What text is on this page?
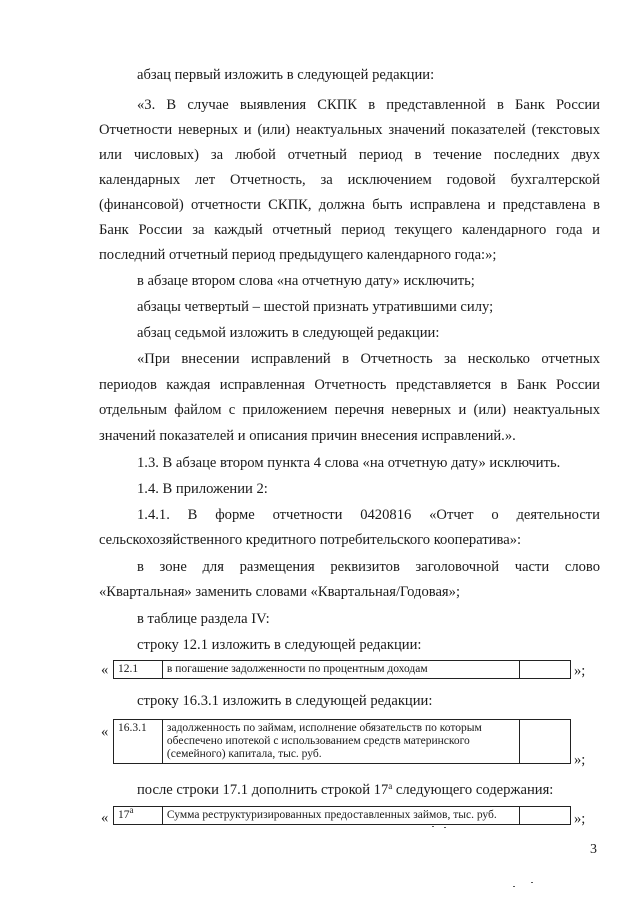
абзац первый изложить в следующей редакции:
«3. В случае выявления СКПК в представленной в Банк России
Отчетности неверных и (или) неактуальных значений показателей (текстовых
или числовых) за любой отчетный период в течение последних двух
календарных лет Отчетность, за исключением годовой бухгалтерской
(финансовой) отчетности СКПК, должна быть исправлена и представлена в
Банк России за каждый отчетный период текущего календарного года и
последний отчетный период предыдущего календарного года:»;
в абзаце втором слова «на отчетную дату» исключить;
абзацы четвертый – шестой признать утратившими силу;
абзац седьмой изложить в следующей редакции:
«При внесении исправлений в Отчетность за несколько отчетных
периодов каждая исправленная Отчетность представляется в Банк России
отдельным файлом с приложением перечня неверных и (или) неактуальных
значений показателей и описания причин внесения исправлений.».
1.3. В абзаце втором пункта 4 слова «на отчетную дату» исключить.
1.4. В приложении 2:
1.4.1. В форме отчетности 0420816 «Отчет о деятельности
сельскохозяйственного кредитного потребительского кооператива»:
в зоне для размещения реквизитов заголовочной части слово
«Квартальная» заменить словами «Квартальная/Годовая»;
в таблице раздела IV:
строку 12.1 изложить в следующей редакции:
« 12.1	в погашение задолженности по процентным доходам		»;
строку 16.3.1 изложить в следующей редакции:
« 16.3.1	задолженность по займам, исполнение обязательств по которым
обеспечено ипотекой с использованием средств материнского
(семейного) капитала, тыс. руб.
		»;
после строки 17.1 дополнить строкой $17^а$ следующего содержания:
« $17^а$	Сумма реструктуризированных предоставленных займов, тыс. руб.		»;
3
